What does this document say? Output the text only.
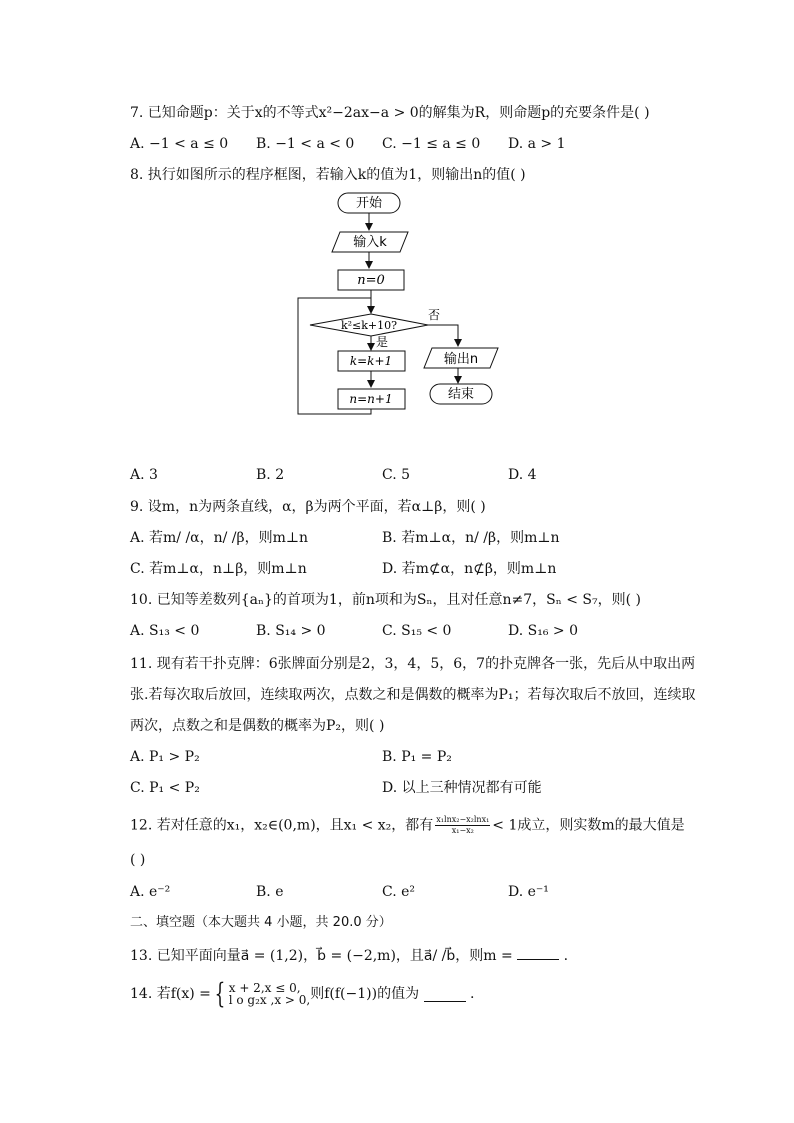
7. 已知命题p：关于x的不等式x²−2ax−a > 0的解集为R，则命题p的充要条件是( )
A. −1 < a ≤ 0 B. −1 < a < 0 C. −1 ≤ a ≤ 0 D. a > 1
8. 执行如图所示的程序框图，若输入k的值为1，则输出n的值( )
开始
输入k
n=0
k²≤k+10?
否
是
k=k+1
n=n+1
输出n
结束
A. 3	B. 2	C. 5	D. 4
9. 设m，n为两条直线，α，β为两个平面，若α⊥β，则( )
A. 若m/ /α，n/ /β，则m⊥n	B. 若m⊥α，n/ /β，则m⊥n
C. 若m⊥α，n⊥β，则m⊥n	D. 若m⊄α，n⊄β，则m⊥n
10. 已知等差数列{aₙ}的首项为1，前n项和为Sₙ，且对任意n≠7，Sₙ < S₇，则( )
A. S₁₃ < 0	B. S₁₄ > 0	C. S₁₅ < 0	D. S₁₆ > 0
11. 现有若干扑克牌：6张牌面分别是2，3，4，5，6，7的扑克牌各一张，先后从中取出两
张.若每次取后放回，连续取两次，点数之和是偶数的概率为P₁；若每次取后不放回，连续取
两次，点数之和是偶数的概率为P₂，则( )
A. P₁ > P₂	B. P₁ = P₂
C. P₁ < P₂	D. 以上三种情况都有可能
12. 若对任意的x₁，x₂∈(0,m)，且x₁ < x₂，都有 $\frac{\text{x₁lnx₂−x₂lnx₁}}{\text{x₁−x₂}} < 1$成立，则实数m的最大值是
( )
A. e⁻²	B. e	C. e²	D. e⁻¹
二、填空题（本大题共 4 小题，共 20.0 分）
13. 已知平面向量a⃗ = (1,2)，b⃗ = (−2,m)，且a⃗/ /b⃗，则m =	.
14. 若f(x) = { x + 2,x ≤ 0,
l o g₂x ,x > 0, 则f(f(−1))的值为	.
